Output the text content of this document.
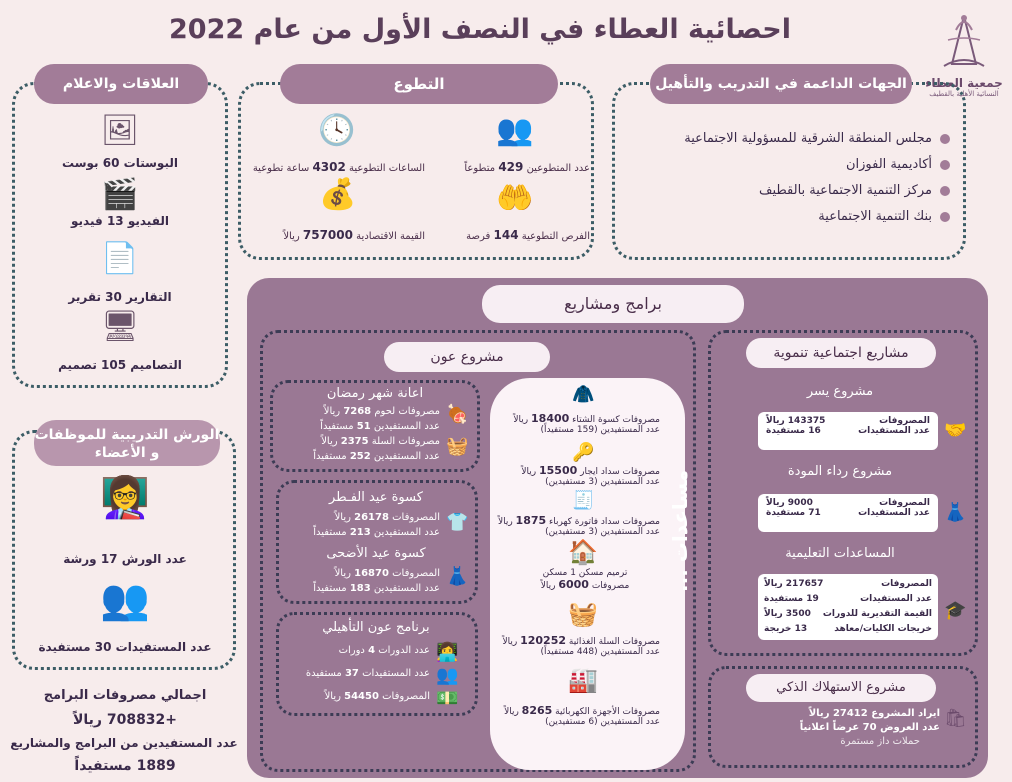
احصائية العطاء في النصف الأول من عام 2022
جمعية العطاء
النسائية الأهلية بالقطيف
الجهات الداعمة في التدريب والتأهيل
مجلس المنطقة الشرقية للمسؤولية الاجتماعية
أكاديمية الفوزان
مركز التنمية الاجتماعية بالقطيف
بنك التنمية الاجتماعية
التطوع
👥
عدد المتطوعين 429 متطوعاً
🕓
الساعات التطوعية 4302 ساعة تطوعية
🤲
الفرص التطوعية 144 فرصة
💰
القيمة الاقتصادية 757000 ريالاً
العلاقات والاعلام
🖼
البوستات 60 بوست
🎬
الفيديو 13 فيديو
📄
التقارير 30 تقرير
🖥
التصاميم 105 تصميم
الورش التدريبية للموظفات و الأعضاء
👩‍🏫
عدد الورش 17 ورشة
👥
عدد المستفيدات 30 مستفيدة
اجمالي مصروفات البرامج
+708832 ريالاً
عدد المستفيدين من البرامج والمشاريع
1889 مستفيداً
برامج ومشاريع
مشروع عون
اعانة شهر رمضان
مصروفات لحوم 7268 ريالاً
عدد المستفيدين 51 مستفيداً
مصروفات السلة 2375 ريالاً
عدد المستفيدين 252 مستفيداً
🍖
🧺
كسوة عيد الفـطر
المصروفات 26178 ريالاً
عدد المستفيدين 213 مستفيداً
كسوة عيد الأضحى
المصروفات 16870 ريالاً
عدد المستفيدين 183 مستفيداً
👕
👗
برنامج عون التأهيلي
عدد الدورات 4 دورات
عدد المستفيدات 37 مستفيدة
المصروفات 54450 ريالاً
👩‍💻
👥
💵
مساعدات ...
🧥
مصروفات كسوة الشتاء 18400 ريالاً
عدد المستفيدين (159 مستفيداً)
🔑
مصروفات سداد ايجار 15500 ريالاً
عدد المستفيدين (3 مستفيدين)
🧾
مصروفات سداد فاتورة كهرباء 1875 ريالاً
عدد المستفيدين (3 مستفيدين)
🏠
ترميم مسكن 1 مسكن
مصروفات 6000 ريالاً
🧺
مصروفات السلة الغذائية 120252 ريالاً
عدد المستفيدين (448 مستفيداً)
🏭
مصروفات الأجهزة الكهربائية 8265 ريالاً
عدد المستفيدين (6 مستفيدين)
مشاريع اجتماعية تنموية
مشروع يسر
المصروفات
143375 ريالاً
عدد المستفيدات
16 مستفيدة	🤝
مشروع رداء المودة
المصروفات
9000 ريالاً
عدد المستفيدات
71 مستفيدة	👗
المساعدات التعليمية
المصروفات
217657 ريالاً
عدد المستفيدات
19 مستفيدة
القيمة التقديرية للدورات
3500 ريالاً
خريجات الكليات/معاهد
13 خريجة
🎓
مشروع الاستهلاك الذكي
ايراد المشروع 27412 ريالاً
عدد العروض 70 عرضاً اعلانياً
حملات داز مستمرة
🛍
